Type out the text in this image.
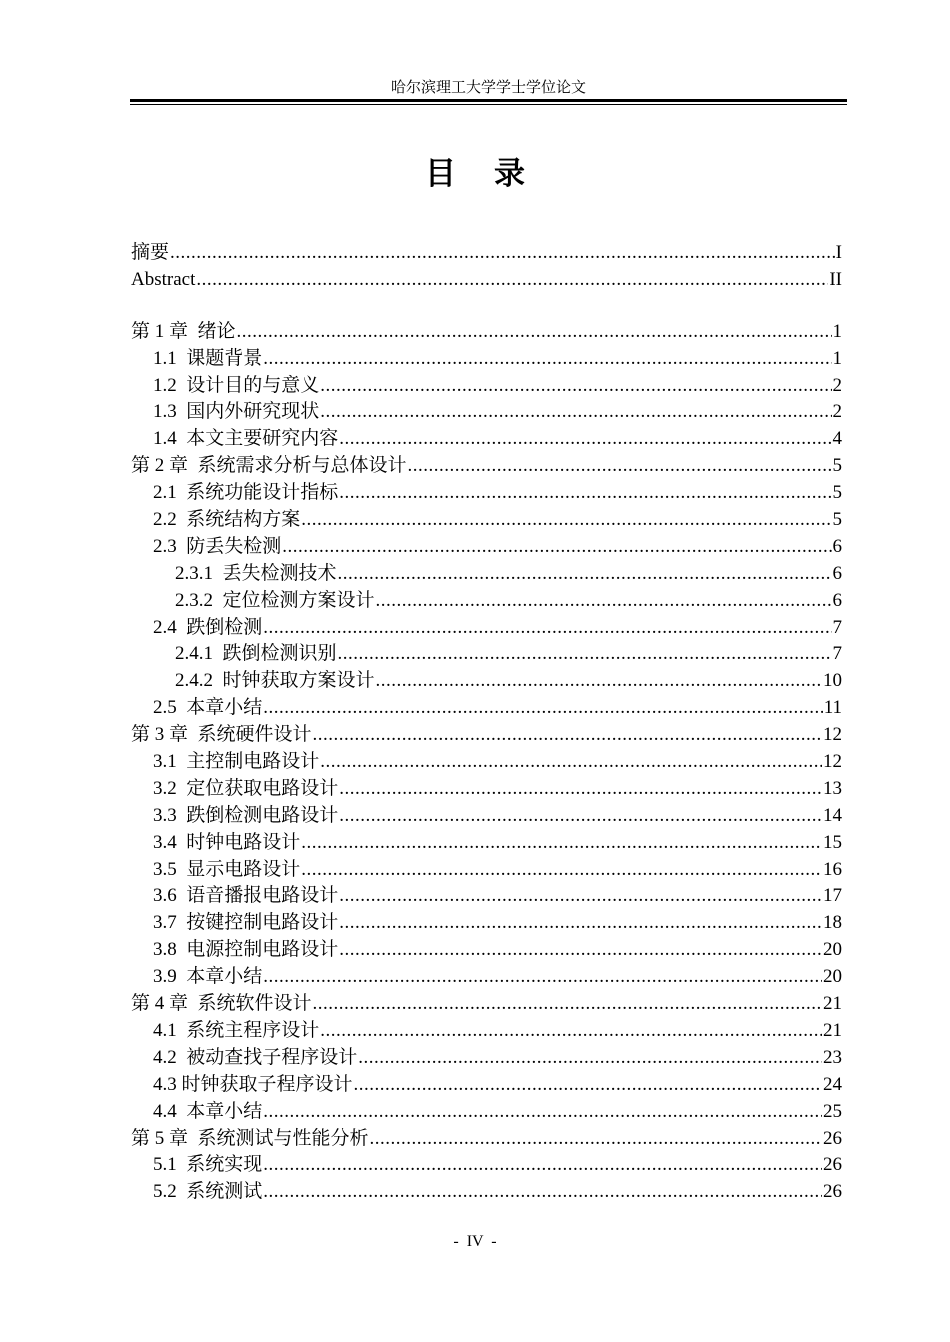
哈尔滨理工大学学士学位论文
目录
摘要 .....	I
Abstract .....	II
第 1 章 绪论 .....	1
1.1 课题背景 .....	1
1.2 设计目的与意义 .....	2
1.3 国内外研究现状 .....	2
1.4 本文主要研究内容 .....	4
第 2 章 系统需求分析与总体设计 .....	5
2.1 系统功能设计指标 .....	5
2.2 系统结构方案 .....	5
2.3 防丢失检测 .....	6
2.3.1 丢失检测技术 .....	6
2.3.2 定位检测方案设计 .....	6
2.4 跌倒检测 .....	7
2.4.1 跌倒检测识别 .....	7
2.4.2 时钟获取方案设计 .....	10
2.5 本章小结 .....	11
第 3 章 系统硬件设计 .....	12
3.1 主控制电路设计 .....	12
3.2 定位获取电路设计 .....	13
3.3 跌倒检测电路设计 .....	14
3.4 时钟电路设计 .....	15
3.5 显示电路设计 .....	16
3.6 语音播报电路设计 .....	17
3.7 按键控制电路设计 .....	18
3.8 电源控制电路设计 .....	20
3.9 本章小结 .....	20
第 4 章 系统软件设计 .....	21
4.1 系统主程序设计 .....	21
4.2 被动查找子程序设计 .....	23
4.3 时钟获取子程序设计 .....	24
4.4 本章小结 .....	25
第 5 章 系统测试与性能分析 .....	26
5.1 系统实现 .....	26
5.2 系统测试 .....	26
- IV -
